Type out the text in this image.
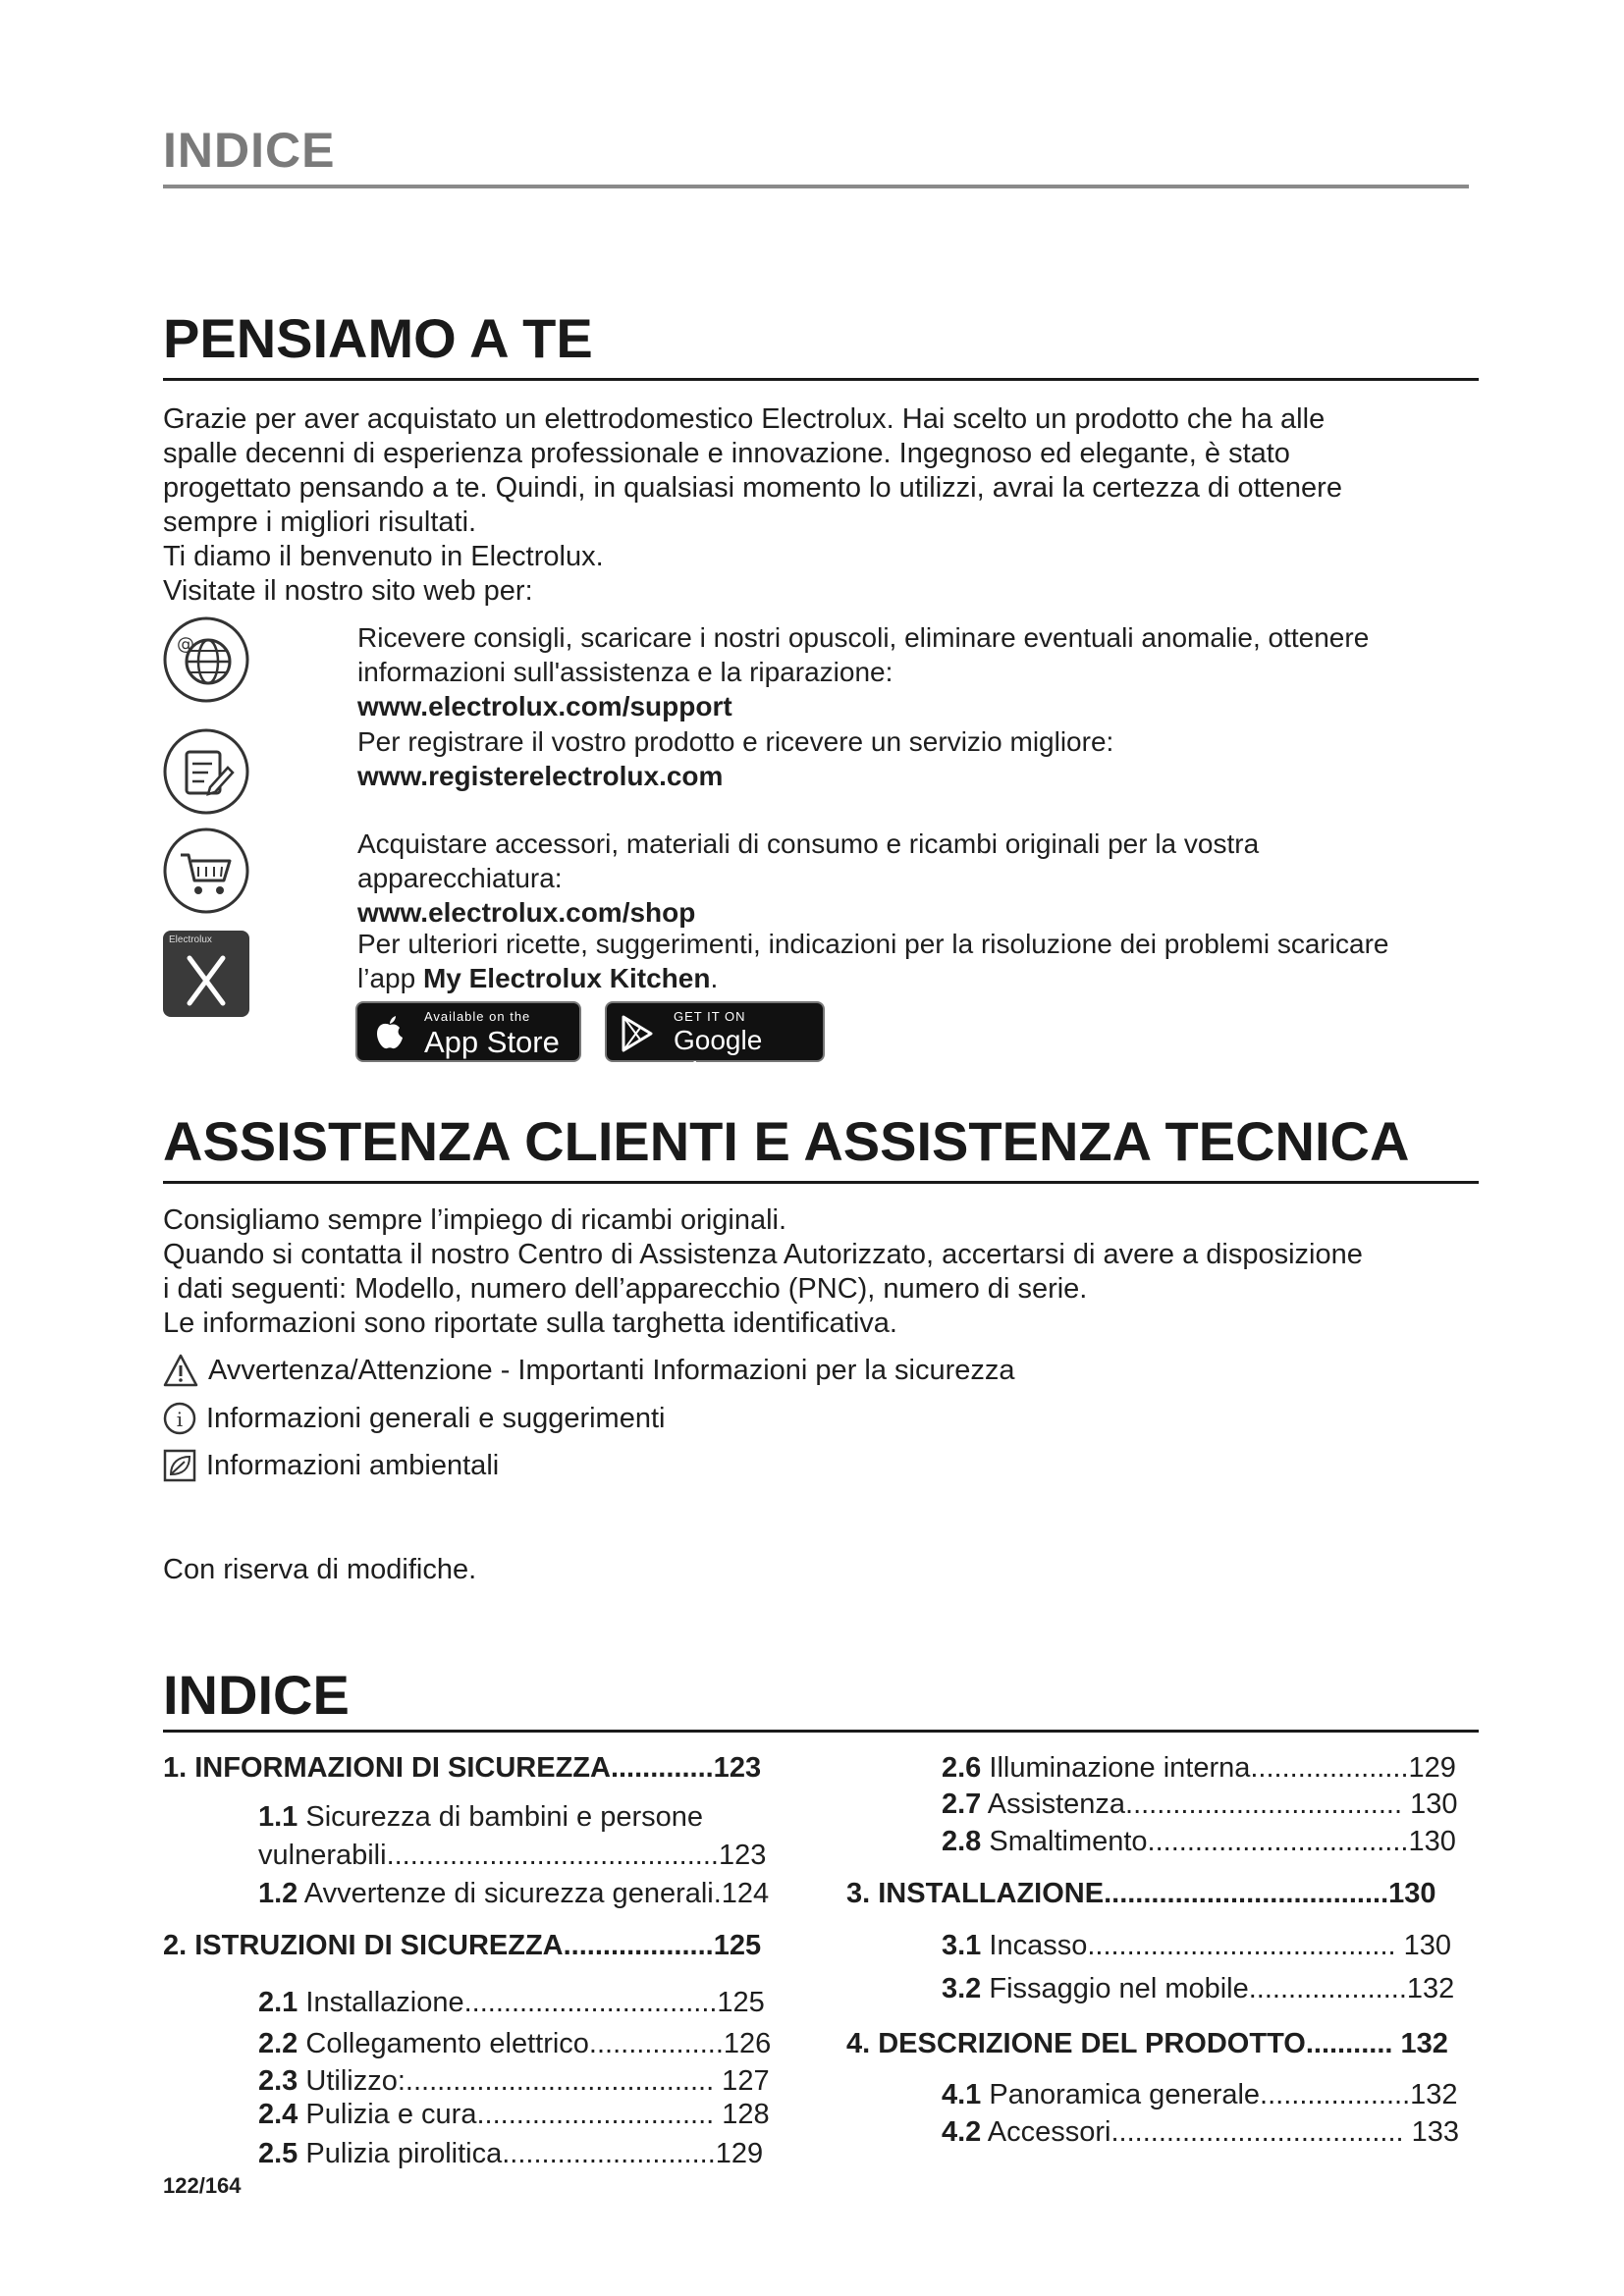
INDICE
PENSIAMO A TE

Grazie per aver acquistato un elettrodomestico Electrolux. Hai scelto un prodotto che ha alle

spalle decenni di esperienza professionale e innovazione. Ingegnoso ed elegante, è stato

progettato pensando a te. Quindi, in qualsiasi momento lo utilizzi, avrai la certezza di ottenere

sempre i migliori risultati.

Ti diamo il benvenuto in Electrolux.

Visitate il nostro sito web per:

@	Ricevere consigli, scaricare i nostri opuscoli, eliminare eventuali anomalie, ottenere
informazioni sull'assistenza e la riparazione:
www.electrolux.com/support
Per registrare il vostro prodotto e ricevere un servizio migliore:
www.registerelectrolux.com
Acquistare accessori, materiali di consumo e ricambi originali per la vostra
apparecchiatura:
www.electrolux.com/shop
Electrolux	Per ulteriori ricette, suggerimenti, indicazioni per la risoluzione dei problemi scaricare
l’app My Electrolux Kitchen.
Available on the
App Store
GET IT ON
Google Play
ASSISTENZA CLIENTI E ASSISTENZA TECNICA

Consigliamo sempre l’impiego di ricambi originali.

Quando si contatta il nostro Centro di Assistenza Autorizzato, accertarsi di avere a disposizione

i dati seguenti: Modello, numero dell’apparecchio (PNC), numero di serie.

Le informazioni sono riportate sulla targhetta identificativa.

Avvertenza/Attenzione - Importanti Informazioni per la sicurezza
i Informazioni generali e suggerimenti
Informazioni ambientali
Con riserva di modifiche.
INDICE
1. INFORMAZIONI DI SICUREZZA.............123
1.1 Sicurezza di bambini e persone
vulnerabili..........................................123
1.2 Avvertenze di sicurezza generali.124
2. ISTRUZIONI DI SICUREZZA...................125
2.1 Installazione................................125
2.2 Collegamento elettrico.................126
2.3 Utilizzo:....................................... 127
2.4 Pulizia e cura.............................. 128
2.5 Pulizia pirolitica...........................129
2.6 Illuminazione interna....................129
2.7 Assistenza................................... 130
2.8 Smaltimento.................................130
3. INSTALLAZIONE....................................130
3.1 Incasso....................................... 130
3.2 Fissaggio nel mobile....................132
4. DESCRIZIONE DEL PRODOTTO........... 132
4.1 Panoramica generale...................132
4.2 Accessori..................................... 133
122/164
